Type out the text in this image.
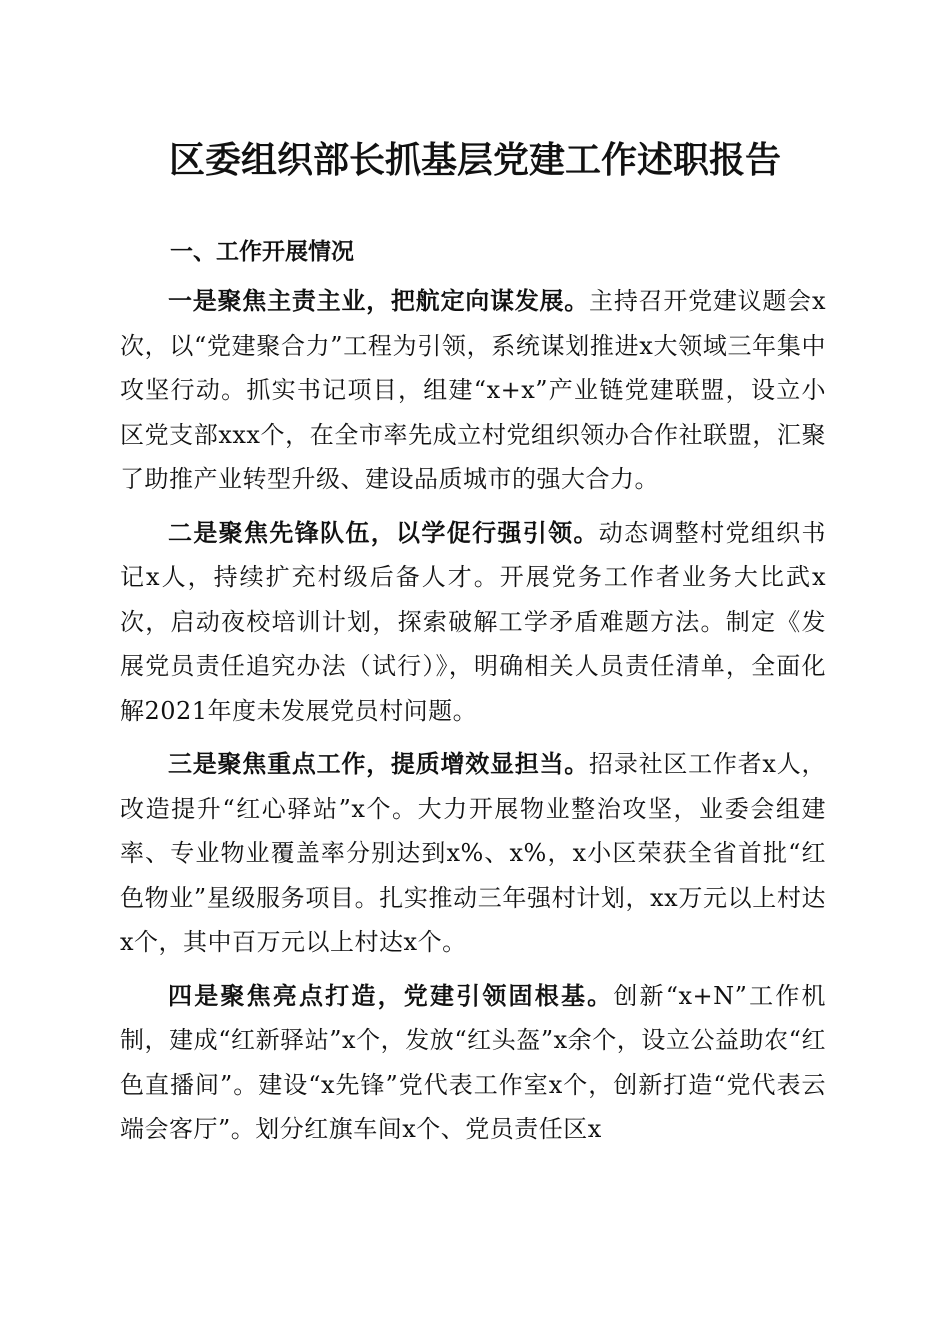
区委组织部长抓基层党建工作述职报告
一、工作开展情况

一是聚焦主责主业，把航定向谋发展。主持召开党建议题会x次，以“党建聚合力”工程为引领，系统谋划推进x大领域三年集中攻坚行动。抓实书记项目，组建“x+x”产业链党建联盟，设立小区党支部xxx个，在全市率先成立村党组织领办合作社联盟，汇聚了助推产业转型升级、建设品质城市的强大合力。

二是聚焦先锋队伍，以学促行强引领。动态调整村党组织书记x人，持续扩充村级后备人才。开展党务工作者业务大比武x次，启动夜校培训计划，探索破解工学矛盾难题方法。制定《发展党员责任追究办法（试行）》，明确相关人员责任清单，全面化解2021年度未发展党员村问题。

三是聚焦重点工作，提质增效显担当。招录社区工作者x人，改造提升“红心驿站”x个。大力开展物业整治攻坚，业委会组建率、专业物业覆盖率分别达到x%、x%，x小区荣获全省首批“红色物业”星级服务项目。扎实推动三年强村计划，xx万元以上村达x个，其中百万元以上村达x个。

四是聚焦亮点打造，党建引领固根基。创新“x+N”工作机制，建成“红新驿站”x个，发放“红头盔”x余个，设立公益助农“红色直播间”。建设“x先锋”党代表工作室x个，创新打造“党代表云端会客厅”。划分红旗车间x个、党员责任区x
